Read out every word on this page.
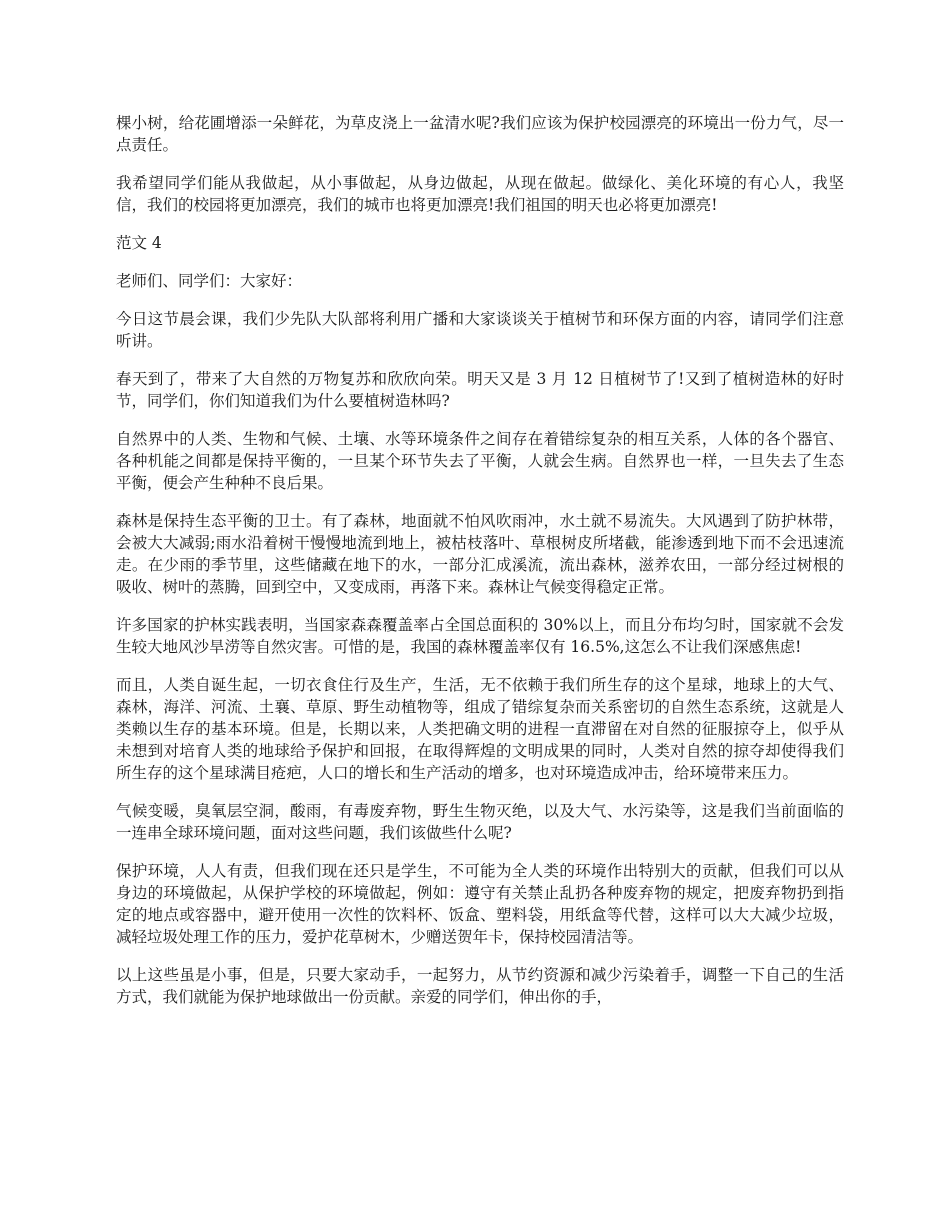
棵小树，给花圃增添一朵鲜花，为草皮浇上一盆清水呢?我们应该为保护校园漂亮的环境出一份力气，尽一点责任。

我希望同学们能从我做起，从小事做起，从身边做起，从现在做起。做绿化、美化环境的有心人，我坚信，我们的校园将更加漂亮，我们的城市也将更加漂亮!我们祖国的明天也必将更加漂亮!

范文 4

老师们、同学们：大家好：

今日这节晨会课，我们少先队大队部将利用广播和大家谈谈关于植树节和环保方面的内容，请同学们注意听讲。

春天到了，带来了大自然的万物复苏和欣欣向荣。明天又是 3 月 12 日植树节了!又到了植树造林的好时节，同学们，你们知道我们为什么要植树造林吗?

自然界中的人类、生物和气候、土壤、水等环境条件之间存在着错综复杂的相互关系，人体的各个器官、各种机能之间都是保持平衡的，一旦某个环节失去了平衡，人就会生病。自然界也一样，一旦失去了生态平衡，便会产生种种不良后果。

森林是保持生态平衡的卫士。有了森林，地面就不怕风吹雨冲，水土就不易流失。大风遇到了防护林带，会被大大减弱;雨水沿着树干慢慢地流到地上，被枯枝落叶、草根树皮所堵截，能渗透到地下而不会迅速流走。在少雨的季节里，这些储藏在地下的水，一部分汇成溪流，流出森林，滋养农田，一部分经过树根的吸收、树叶的蒸腾，回到空中，又变成雨，再落下来。森林让气候变得稳定正常。

许多国家的护林实践表明，当国家森森覆盖率占全国总面积的 30%以上，而且分布均匀时，国家就不会发生较大地风沙旱涝等自然灾害。可惜的是，我国的森林覆盖率仅有 16.5%,这怎么不让我们深感焦虑!

而且，人类自诞生起，一切衣食住行及生产，生活，无不依赖于我们所生存的这个星球，地球上的大气、森林，海洋、河流、土襄、草原、野生动植物等，组成了错综复杂而关系密切的自然生态系统，这就是人类赖以生存的基本环境。但是，长期以来，人类把确文明的进程一直滞留在对自然的征服掠夺上，似乎从未想到对培育人类的地球给予保护和回报，在取得辉煌的文明成果的同时，人类对自然的掠夺却使得我们所生存的这个星球满目疮疤，人口的增长和生产活动的增多，也对环境造成冲击，给环境带来压力。

气候变暖，臭氧层空洞，酸雨，有毒废弃物，野生生物灭绝，以及大气、水污染等，这是我们当前面临的一连串全球环境问题，面对这些问题，我们该做些什么呢?

保护环境，人人有责，但我们现在还只是学生，不可能为全人类的环境作出特别大的贡献，但我们可以从身边的环境做起，从保护学校的环境做起，例如：遵守有关禁止乱扔各种废弃物的规定，把废弃物扔到指定的地点或容器中，避开使用一次性的饮料杯、饭盒、塑料袋，用纸盒等代替，这样可以大大减少垃圾，减轻垃圾处理工作的压力，爱护花草树木，少赠送贺年卡，保持校园清洁等。

以上这些虽是小事，但是，只要大家动手，一起努力，从节约资源和减少污染着手，调整一下自己的生活方式，我们就能为保护地球做出一份贡献。亲爱的同学们，伸出你的手，
